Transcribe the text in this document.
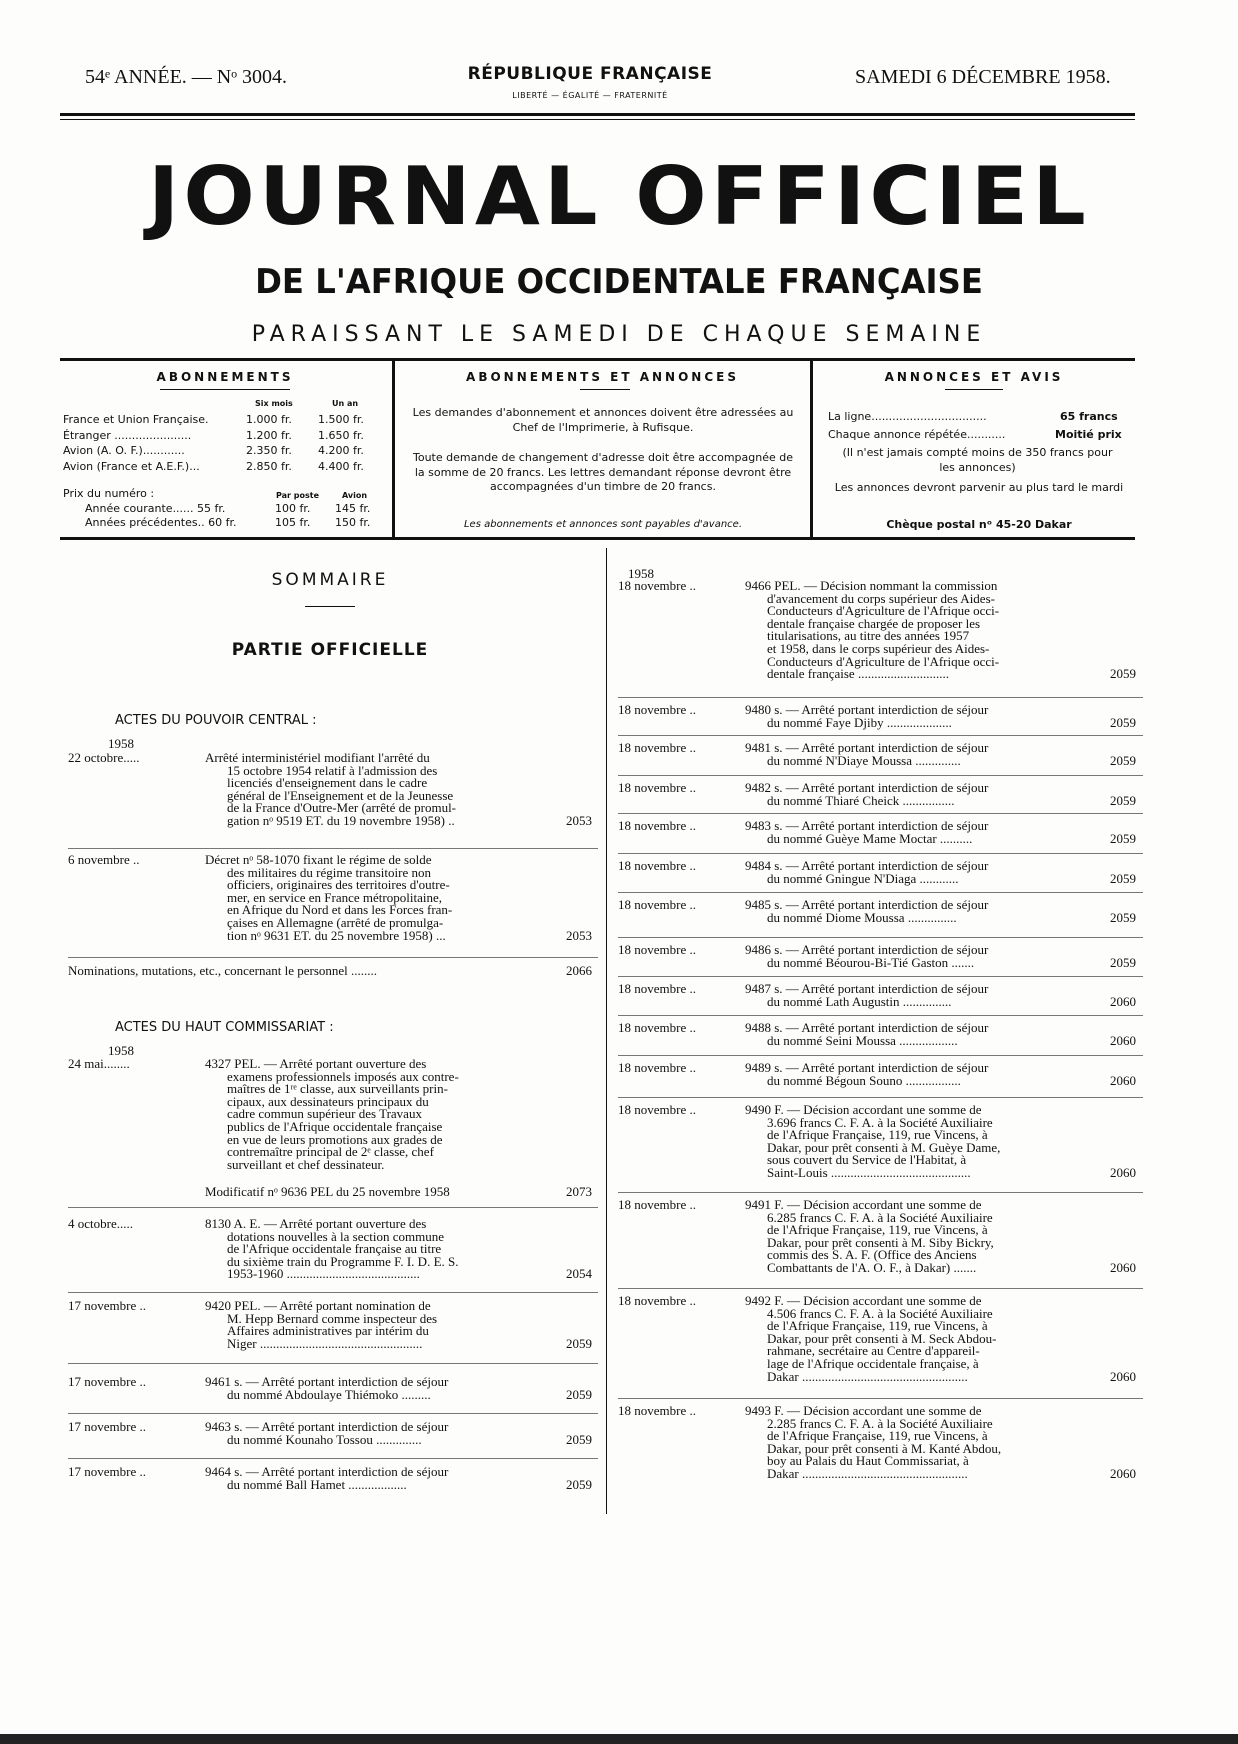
54ᵉ ANNÉE. — Nᵒ 3004.	RÉPUBLIQUE FRANÇAISE
LIBERTÉ — ÉGALITÉ — FRATERNITÉ
SAMEDI 6 DÉCEMBRE 1958.
JOURNAL OFFICIEL
DE L'AFRIQUE OCCIDENTALE FRANÇAISE
PARAISSANT LE SAMEDI DE CHAQUE SEMAINE
ABONNEMENTS
Six mois	Un an
France et Union Française.	1.000 fr. 1.500 fr.
Étranger ......................	1.200 fr. 1.650 fr.
Avion (A. O. F.)............	2.350 fr. 4.200 fr.
Avion (France et A.E.F.)...	2.850 fr. 4.400 fr.
Prix du numéro :	Par poste	Avion
Année courante...... 55 fr.	100 fr. 145 fr.
Années précédentes.. 60 fr.	105 fr. 150 fr.
ABONNEMENTS ET ANNONCES
Les demandes d'abonnement et annonces doivent être adressées au Chef de l'Imprimerie, à Rufisque.
Toute demande de changement d'adresse doit être accompagnée de la somme de 20 francs. Les lettres demandant réponse devront être accompagnées d'un timbre de 20 francs.
Les abonnements et annonces sont payables d'avance.
ANNONCES ET AVIS
La ligne.................................	65 francs
Chaque annonce répétée...........	Moitié prix
(Il n'est jamais compté moins de 350 francs pour les annonces)
Les annonces devront parvenir au plus tard le mardi
Chèque postal nᵒ 45-20 Dakar
SOMMAIRE
PARTIE OFFICIELLE
ACTES DU POUVOIR CENTRAL :
1958
ACTES DU HAUT COMMISSARIAT :
1958
1958
22 octobre.....	Arrêté interministériel modifiant l'arrêté du
15 octobre 1954 relatif à l'admission des
licenciés d'enseignement dans le cadre
général de l'Enseignement et de la Jeunesse
de la France d'Outre-Mer (arrêté de promul-
gation nᵒ 9519 ET. du 19 novembre 1958) ..	2053
6 novembre ..	Décret nᵒ 58-1070 fixant le régime de solde
des militaires du régime transitoire non
officiers, originaires des territoires d'outre-
mer, en service en France métropolitaine,
en Afrique du Nord et dans les Forces fran-
çaises en Allemagne (arrêté de promulga-
tion nᵒ 9631 ET. du 25 novembre 1958) ...	2053
Nominations, mutations, etc., concernant le personnel ........	2066
24 mai........	4327 PEL. — Arrêté portant ouverture des
examens professionnels imposés aux contre-
maîtres de 1ʳᵉ classe, aux surveillants prin-
cipaux, aux dessinateurs principaux du
cadre commun supérieur des Travaux
publics de l'Afrique occidentale française
en vue de leurs promotions aux grades de
contremaître principal de 2ᵉ classe, chef
surveillant et chef dessinateur.
Modificatif nᵒ 9636 PEL du 25 novembre 1958	2073
4 octobre.....	8130 A. E. — Arrêté portant ouverture des
dotations nouvelles à la section commune
de l'Afrique occidentale française au titre
du sixième train du Programme F. I. D. E. S.
1953-1960 .........................................	2054
17 novembre ..	9420 PEL. — Arrêté portant nomination de
M. Hepp Bernard comme inspecteur des
Affaires administratives par intérim du
Niger ..................................................	2059
17 novembre ..	9461 s. — Arrêté portant interdiction de séjour
du nommé Abdoulaye Thiémoko .........	2059
17 novembre ..	9463 s. — Arrêté portant interdiction de séjour
du nommé Kounaho Tossou ..............	2059
17 novembre ..	9464 s. — Arrêté portant interdiction de séjour
du nommé Ball Hamet ..................	2059
18 novembre ..	9466 PEL. — Décision nommant la commission
d'avancement du corps supérieur des Aides-
Conducteurs d'Agriculture de l'Afrique occi-
dentale française chargée de proposer les
titularisations, au titre des années 1957
et 1958, dans le corps supérieur des Aides-
Conducteurs d'Agriculture de l'Afrique occi-
dentale française ............................	2059
18 novembre ..	9480 s. — Arrêté portant interdiction de séjour
du nommé Faye Djiby ....................	2059
18 novembre ..	9481 s. — Arrêté portant interdiction de séjour
du nommé N'Diaye Moussa ..............	2059
18 novembre ..	9482 s. — Arrêté portant interdiction de séjour
du nommé Thiaré Cheick ................	2059
18 novembre ..	9483 s. — Arrêté portant interdiction de séjour
du nommé Guèye Mame Moctar ..........	2059
18 novembre ..	9484 s. — Arrêté portant interdiction de séjour
du nommé Gningue N'Diaga ............	2059
18 novembre ..	9485 s. — Arrêté portant interdiction de séjour
du nommé Diome Moussa ...............	2059
18 novembre ..	9486 s. — Arrêté portant interdiction de séjour
du nommé Béourou-Bi-Tié Gaston .......	2059
18 novembre ..	9487 s. — Arrêté portant interdiction de séjour
du nommé Lath Augustin ...............	2060
18 novembre ..	9488 s. — Arrêté portant interdiction de séjour
du nommé Seini Moussa ..................	2060
18 novembre ..	9489 s. — Arrêté portant interdiction de séjour
du nommé Bégoun Souno .................	2060
18 novembre ..	9490 F. — Décision accordant une somme de
3.696 francs C. F. A. à la Société Auxiliaire
de l'Afrique Française, 119, rue Vincens, à
Dakar, pour prêt consenti à M. Guèye Dame,
sous couvert du Service de l'Habitat, à
Saint-Louis ...........................................	2060
18 novembre ..	9491 F. — Décision accordant une somme de
6.285 francs C. F. A. à la Société Auxiliaire
de l'Afrique Française, 119, rue Vincens, à
Dakar, pour prêt consenti à M. Siby Bickry,
commis des S. A. F. (Office des Anciens
Combattants de l'A. O. F., à Dakar) .......	2060
18 novembre ..	9492 F. — Décision accordant une somme de
4.506 francs C. F. A. à la Société Auxiliaire
de l'Afrique Française, 119, rue Vincens, à
Dakar, pour prêt consenti à M. Seck Abdou-
rahmane, secrétaire au Centre d'appareil-
lage de l'Afrique occidentale française, à
Dakar ...................................................	2060
18 novembre ..	9493 F. — Décision accordant une somme de
2.285 francs C. F. A. à la Société Auxiliaire
de l'Afrique Française, 119, rue Vincens, à
Dakar, pour prêt consenti à M. Kanté Abdou,
boy au Palais du Haut Commissariat, à
Dakar ...................................................	2060
